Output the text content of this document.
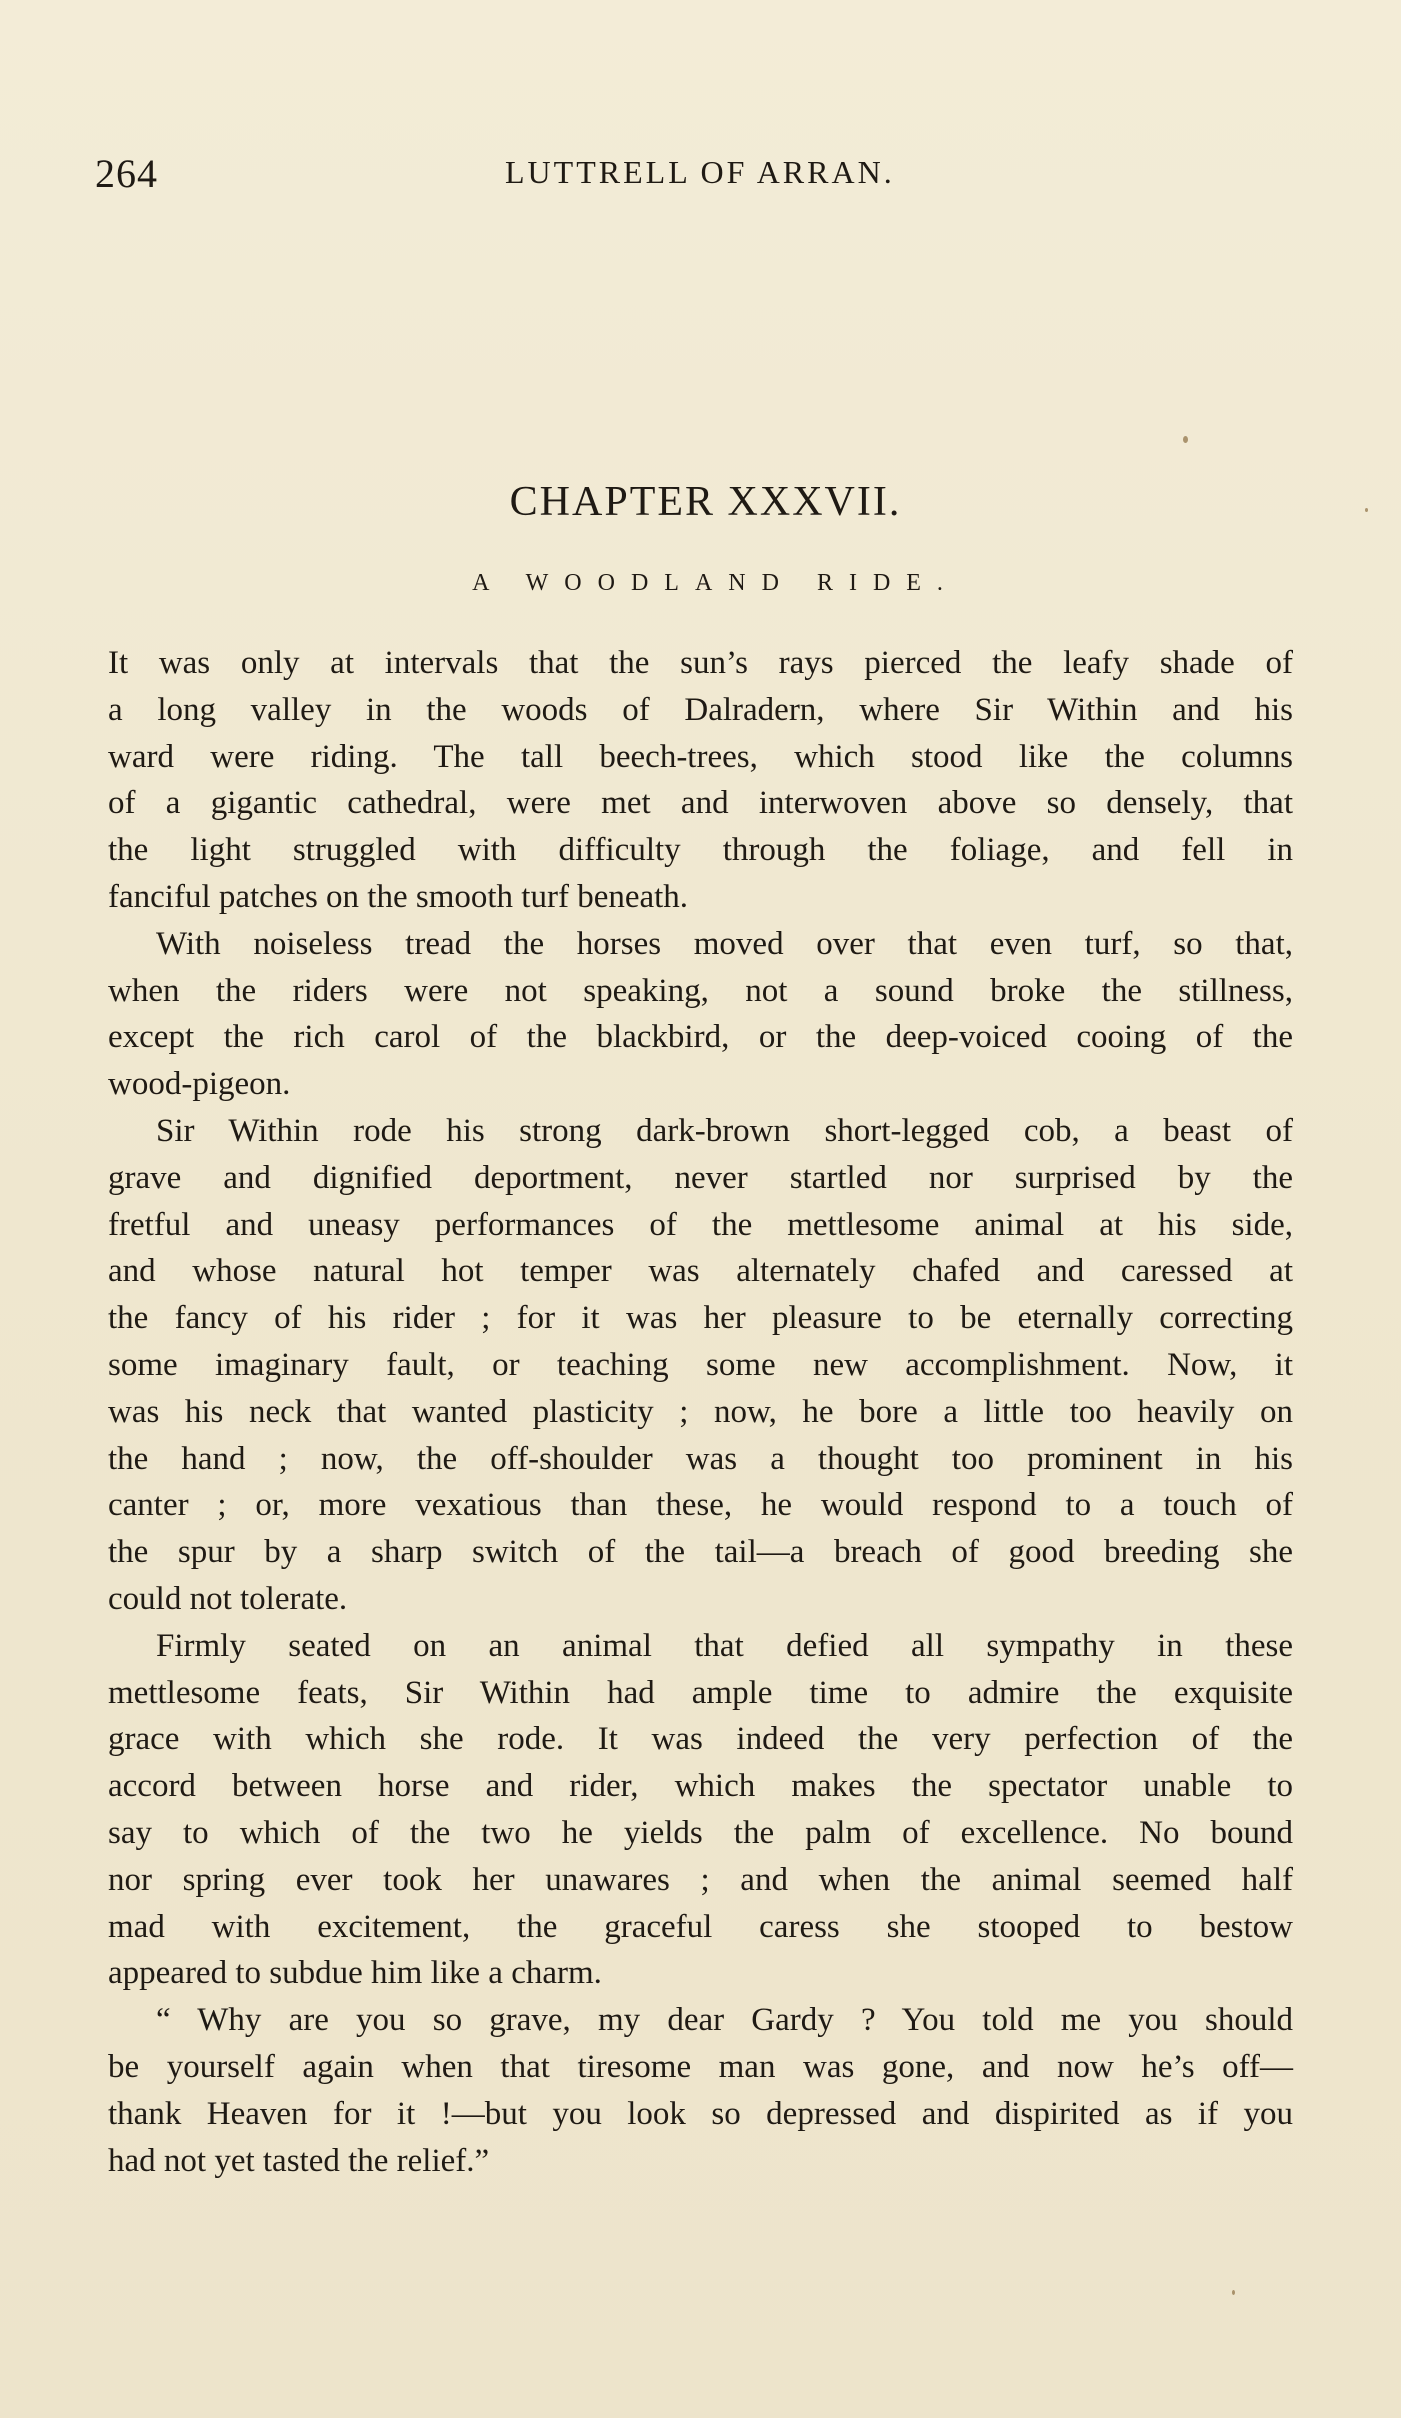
264	LUTTRELL OF ARRAN.
CHAPTER XXXVII.
A WOODLAND RIDE.
It was only at intervals that the sun’s rays pierced the leafy shade of
a long valley in the woods of Dalradern, where Sir Within and his
ward were riding. The tall beech-trees, which stood like the columns
of a gigantic cathedral, were met and interwoven above so densely, that
the light struggled with difficulty through the foliage, and fell in
fanciful patches on the smooth turf beneath.
With noiseless tread the horses moved over that even turf, so that,
when the riders were not speaking, not a sound broke the stillness,
except the rich carol of the blackbird, or the deep-voiced cooing of the
wood-pigeon.
Sir Within rode his strong dark-brown short-legged cob, a beast of
grave and dignified deportment, never startled nor surprised by the
fretful and uneasy performances of the mettlesome animal at his side,
and whose natural hot temper was alternately chafed and caressed at
the fancy of his rider ; for it was her pleasure to be eternally correcting
some imaginary fault, or teaching some new accomplishment. Now, it
was his neck that wanted plasticity ; now, he bore a little too heavily on
the hand ; now, the off-shoulder was a thought too prominent in his
canter ; or, more vexatious than these, he would respond to a touch of
the spur by a sharp switch of the tail—a breach of good breeding she
could not tolerate.
Firmly seated on an animal that defied all sympathy in these
mettlesome feats, Sir Within had ample time to admire the exquisite
grace with which she rode. It was indeed the very perfection of the
accord between horse and rider, which makes the spectator unable to
say to which of the two he yields the palm of excellence. No bound
nor spring ever took her unawares ; and when the animal seemed half
mad with excitement, the graceful caress she stooped to bestow
appeared to subdue him like a charm.
“ Why are you so grave, my dear Gardy ? You told me you should
be yourself again when that tiresome man was gone, and now he’s off—
thank Heaven for it !—but you look so depressed and dispirited as if you
had not yet tasted the relief.”
